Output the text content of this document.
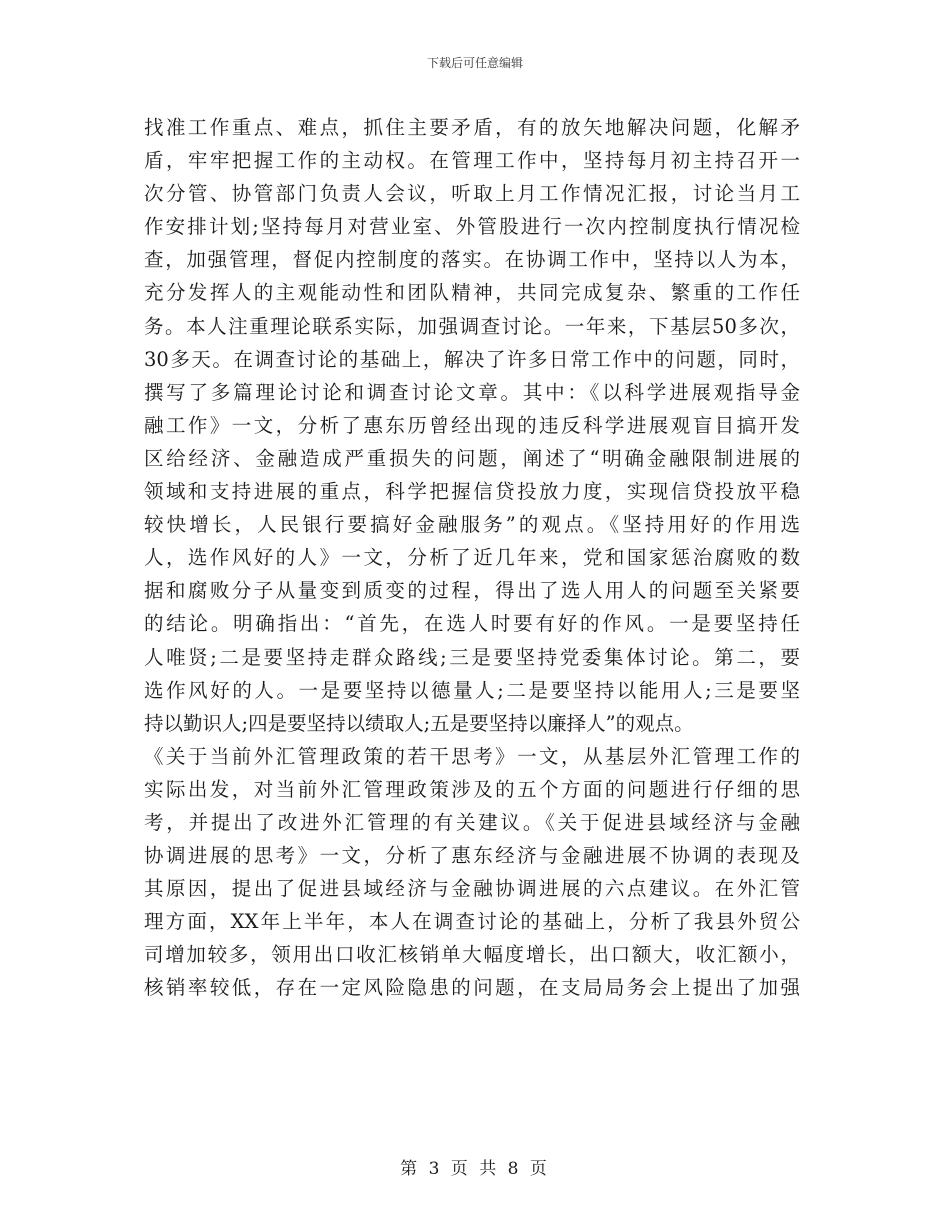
下载后可任意编辑
找准工作重点、难点，抓住主要矛盾，有的放矢地解决问题，化解矛
盾，牢牢把握工作的主动权。在管理工作中，坚持每月初主持召开一
次分管、协管部门负责人会议，听取上月工作情况汇报，讨论当月工
作安排计划;坚持每月对营业室、外管股进行一次内控制度执行情况检
查，加强管理，督促内控制度的落实。在协调工作中，坚持以人为本，
充分发挥人的主观能动性和团队精神，共同完成复杂、繁重的工作任
务。本人注重理论联系实际，加强调查讨论。一年来，下基层50多次，
30多天。在调查讨论的基础上，解决了许多日常工作中的问题，同时，
撰写了多篇理论讨论和调查讨论文章。其中：《以科学进展观指导金
融工作》一文，分析了惠东历曾经出现的违反科学进展观盲目搞开发
区给经济、金融造成严重损失的问题，阐述了“明确金融限制进展的
领域和支持进展的重点，科学把握信贷投放力度，实现信贷投放平稳
较快增长，人民银行要搞好金融服务”的观点。《坚持用好的作用选
人，选作风好的人》一文，分析了近几年来，党和国家惩治腐败的数
据和腐败分子从量变到质变的过程，得出了选人用人的问题至关紧要
的结论。明确指出：“首先，在选人时要有好的作风。一是要坚持任
人唯贤;二是要坚持走群众路线;三是要坚持党委集体讨论。第二，要
选作风好的人。一是要坚持以德量人;二是要坚持以能用人;三是要坚
持以勤识人;四是要坚持以绩取人;五是要坚持以廉择人”的观点。
《关于当前外汇管理政策的若干思考》一文，从基层外汇管理工作的
实际出发，对当前外汇管理政策涉及的五个方面的问题进行仔细的思
考，并提出了改进外汇管理的有关建议。《关于促进县域经济与金融
协调进展的思考》一文，分析了惠东经济与金融进展不协调的表现及
其原因，提出了促进县域经济与金融协调进展的六点建议。在外汇管
理方面，XX年上半年，本人在调查讨论的基础上，分析了我县外贸公
司增加较多，领用出口收汇核销单大幅度增长，出口额大，收汇额小，
核销率较低，存在一定风险隐患的问题，在支局局务会上提出了加强
第 3 页 共 8 页
